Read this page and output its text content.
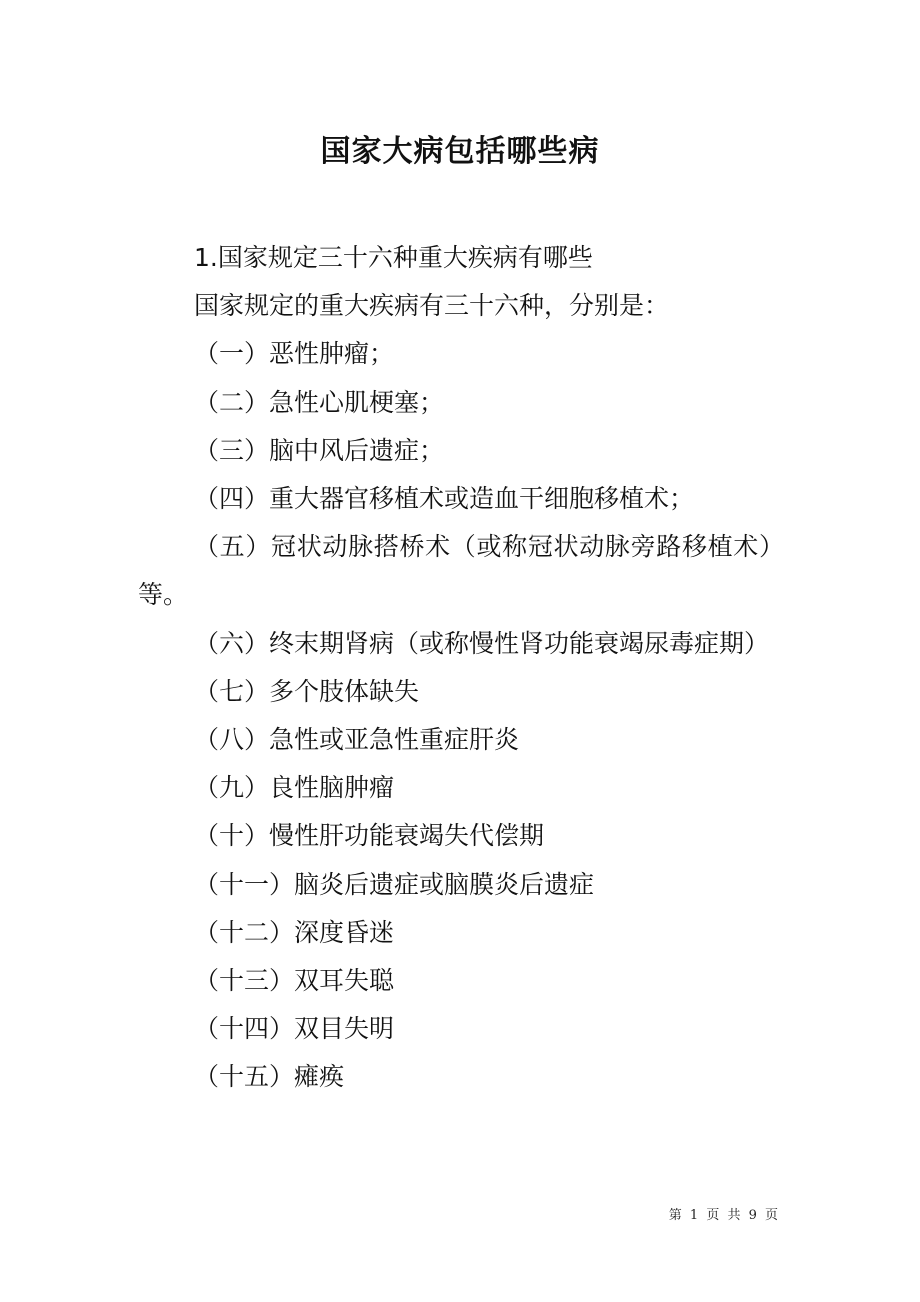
国家大病包括哪些病

1.国家规定三十六种重大疾病有哪些

国家规定的重大疾病有三十六种，分别是：

（一）恶性肿瘤；

（二）急性心肌梗塞；

（三）脑中风后遗症；

（四）重大器官移植术或造血干细胞移植术；

（五）冠状动脉搭桥术（或称冠状动脉旁路移植术）等。

（六）终末期肾病（或称慢性肾功能衰竭尿毒症期）

（七）多个肢体缺失

（八）急性或亚急性重症肝炎

（九）良性脑肿瘤

（十）慢性肝功能衰竭失代偿期

（十一）脑炎后遗症或脑膜炎后遗症

（十二）深度昏迷

（十三）双耳失聪

（十四）双目失明

（十五）瘫痪

第 1 页 共 9 页
